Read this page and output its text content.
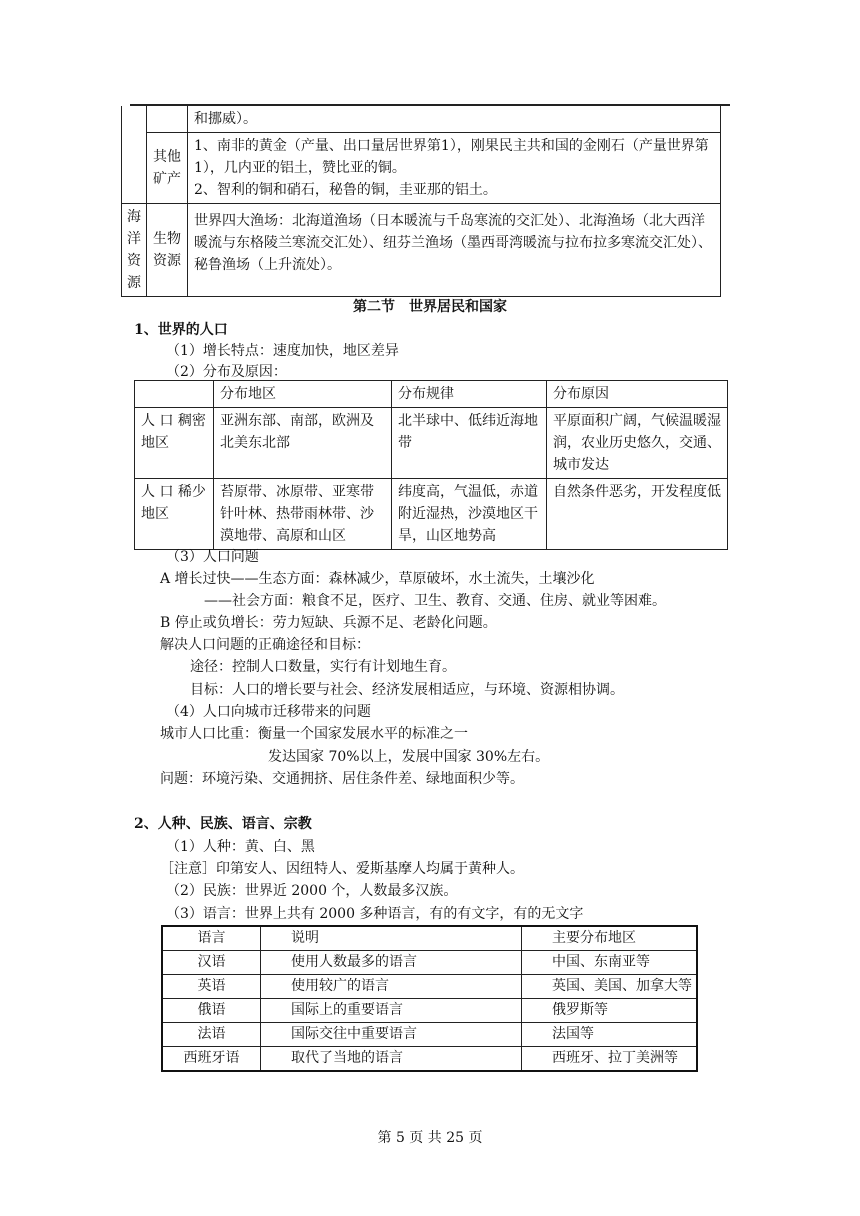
		和挪威）。
	其他矿产	1、南非的黄金（产量、出口量居世界第1），刚果民主共和国的金刚石（产量世界第1），几内亚的铝土，赞比亚的铜。
2、智利的铜和硝石，秘鲁的铜，圭亚那的铝土。

海
洋
资
源	生物资源	世界四大渔场：北海道渔场（日本暖流与千岛寒流的交汇处）、北海渔场（北大西洋暖流与东格陵兰寒流交汇处）、纽芬兰渔场（墨西哥湾暖流与拉布拉多寒流交汇处）、秘鲁渔场（上升流处）。
第二节　世界居民和国家
1、世界的人口
（1）增长特点：速度加快，地区差异
（2）分布及原因：
	分布地区	分布规律	分布原因
人 口 稠密地区	亚洲东部、南部，欧洲及北美东北部	北半球中、低纬近海地带	平原面积广阔，气候温暖湿润，农业历史悠久，交通、城市发达
人 口 稀少地区	苔原带、冰原带、亚寒带针叶林、热带雨林带、沙漠地带、高原和山区	纬度高，气温低，赤道附近湿热，沙漠地区干旱，山区地势高	自然条件恶劣，开发程度低
（3）人口问题
A 增长过快——生态方面：森林减少，草原破坏，水土流失，土壤沙化
——社会方面：粮食不足，医疗、卫生、教育、交通、住房、就业等困难。
B 停止或负增长：劳力短缺、兵源不足、老龄化问题。
解决人口问题的正确途径和目标：
途径：控制人口数量，实行有计划地生育。
目标：人口的增长要与社会、经济发展相适应，与环境、资源相协调。
（4）人口向城市迁移带来的问题
城市人口比重：衡量一个国家发展水平的标准之一
发达国家 70%以上，发展中国家 30%左右。
问题：环境污染、交通拥挤、居住条件差、绿地面积少等。
2、人种、民族、语言、宗教
（1）人种：黄、白、黑
［注意］印第安人、因纽特人、爱斯基摩人均属于黄种人。
（2）民族：世界近 2000 个，人数最多汉族。
（3）语言：世界上共有 2000 多种语言，有的有文字，有的无文字
语言	说明	主要分布地区
汉语	使用人数最多的语言	中国、东南亚等
英语	使用较广的语言	英国、美国、加拿大等
俄语	国际上的重要语言	俄罗斯等
法语	国际交往中重要语言	法国等
西班牙语	取代了当地的语言	西班牙、拉丁美洲等
第 5 页 共 25 页
